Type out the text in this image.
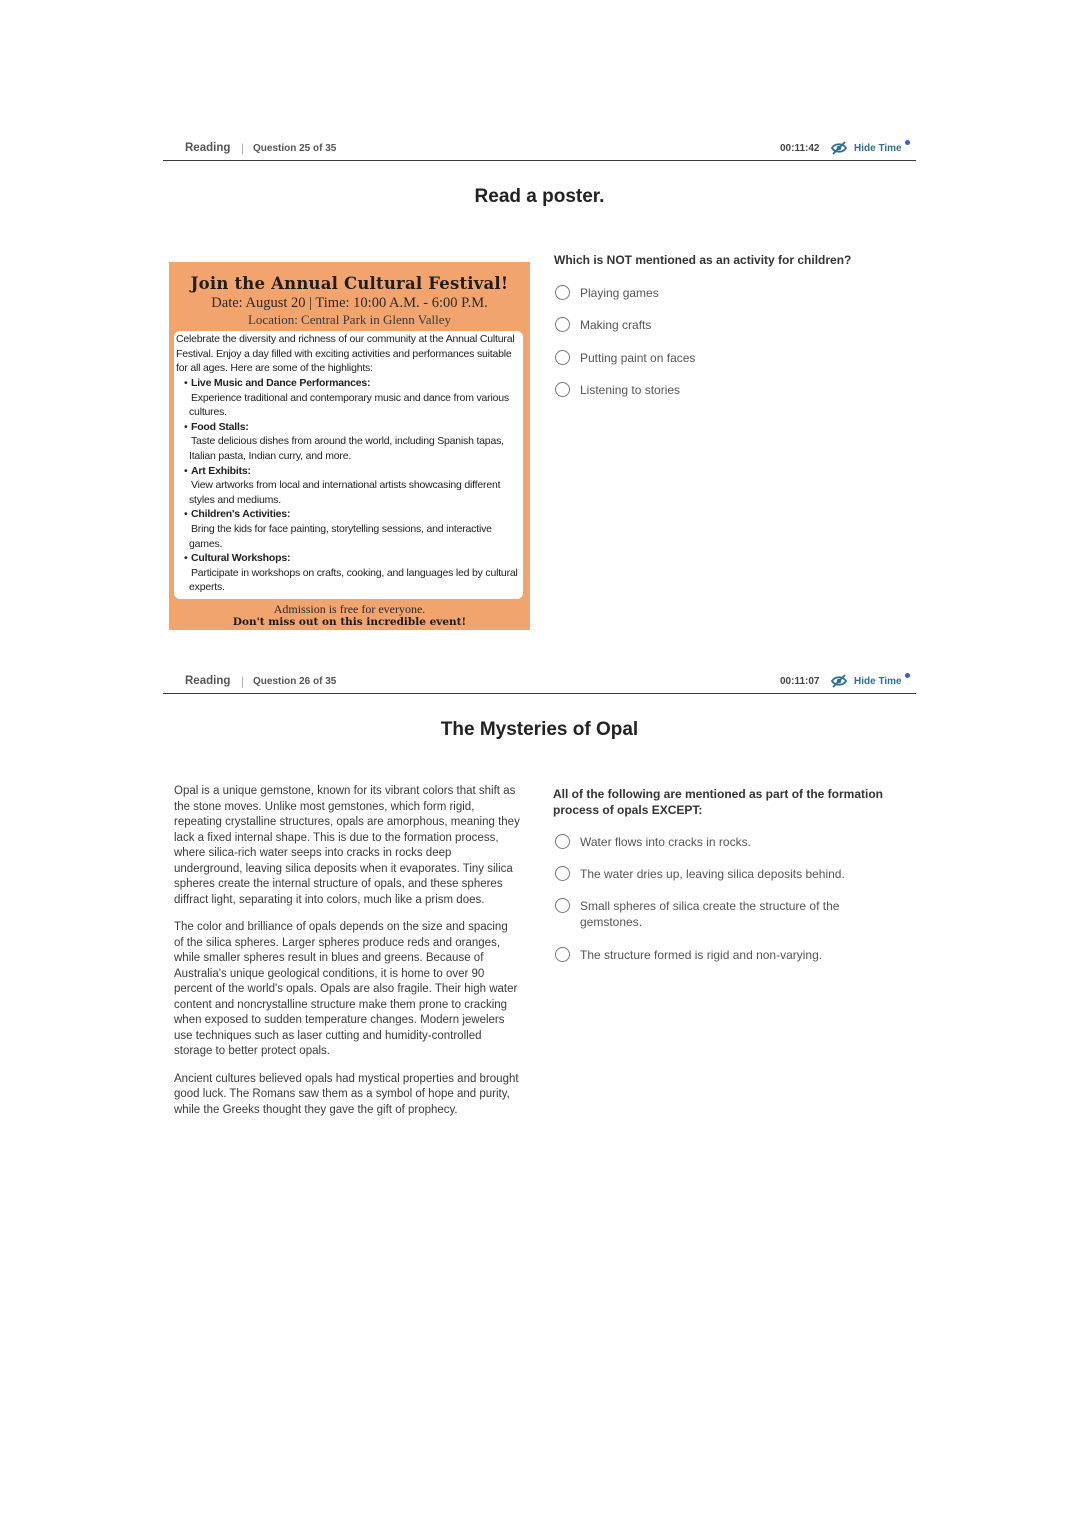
Reading | Question 25 of 35	00:11:42	Hide Time
Read a poster.
Join the Annual Cultural Festival!
Date: August 20 | Time: 10:00 A.M. - 6:00 P.M.
Location: Central Park in Glenn Valley
Celebrate the diversity and richness of our community at the Annual Cultural Festival. Enjoy a day filled with exciting activities and performances suitable for all ages. Here are some of the highlights:
• Live Music and Dance Performances:
Experience traditional and contemporary music and dance from various cultures.
• Food Stalls:
Taste delicious dishes from around the world, including Spanish tapas, Italian pasta, Indian curry, and more.
• Art Exhibits:
View artworks from local and international artists showcasing different styles and mediums.
• Children's Activities:
Bring the kids for face painting, storytelling sessions, and interactive games.
• Cultural Workshops:
Participate in workshops on crafts, cooking, and languages led by cultural experts.
Admission is free for everyone.
Don't miss out on this incredible event!
Which is NOT mentioned as an activity for children?
Playing games
Making crafts
Putting paint on faces
Listening to stories
Reading | Question 26 of 35	00:11:07	Hide Time
The Mysteries of Opal

Opal is a unique gemstone, known for its vibrant colors that shift as the stone moves. Unlike most gemstones, which form rigid, repeating crystalline structures, opals are amorphous, meaning they lack a fixed internal shape. This is due to the formation process, where silica-rich water seeps into cracks in rocks deep underground, leaving silica deposits when it evaporates. Tiny silica spheres create the internal structure of opals, and these spheres diffract light, separating it into colors, much like a prism does.

The color and brilliance of opals depends on the size and spacing of the silica spheres. Larger spheres produce reds and oranges, while smaller spheres result in blues and greens. Because of Australia's unique geological conditions, it is home to over 90 percent of the world's opals. Opals are also fragile. Their high water content and noncrystalline structure make them prone to cracking when exposed to sudden temperature changes. Modern jewelers use techniques such as laser cutting and humidity-controlled storage to better protect opals.

Ancient cultures believed opals had mystical properties and brought good luck. The Romans saw them as a symbol of hope and purity, while the Greeks thought they gave the gift of prophecy.

All of the following are mentioned as part of the formation process of opals EXCEPT:
Water flows into cracks in rocks.
The water dries up, leaving silica deposits behind.
Small spheres of silica create the structure of the gemstones.
The structure formed is rigid and non-varying.
